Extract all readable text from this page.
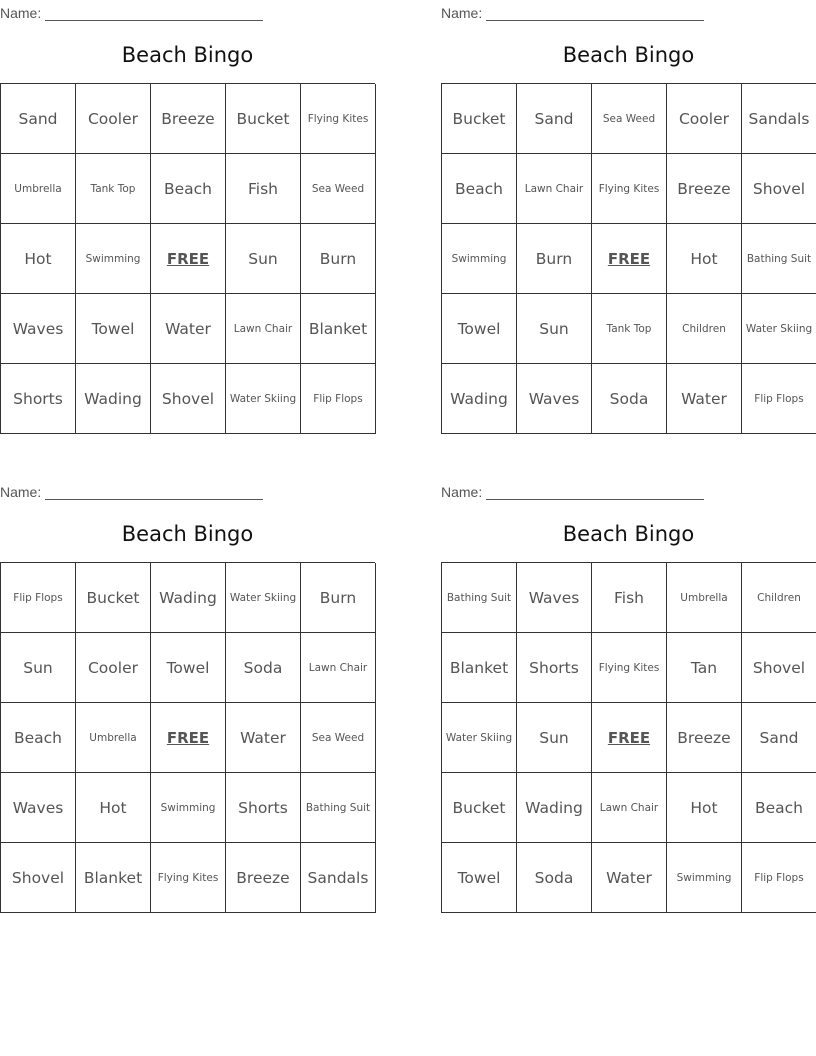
Name:
Beach Bingo
Sand	Cooler	Breeze	Bucket	Flying Kites
Umbrella	Tank Top	Beach	Fish	Sea Weed
Hot	Swimming	FREE	Sun	Burn
Waves	Towel	Water	Lawn Chair	Blanket
Shorts	Wading	Shovel	Water Skiing	Flip Flops
Name:
Beach Bingo
Bucket	Sand	Sea Weed	Cooler	Sandals
Beach	Lawn Chair	Flying Kites	Breeze	Shovel
Swimming	Burn	FREE	Hot	Bathing Suit
Towel	Sun	Tank Top	Children	Water Skiing
Wading	Waves	Soda	Water	Flip Flops
Name:
Beach Bingo
Flip Flops	Bucket	Wading	Water Skiing	Burn
Sun	Cooler	Towel	Soda	Lawn Chair
Beach	Umbrella	FREE	Water	Sea Weed
Waves	Hot	Swimming	Shorts	Bathing Suit
Shovel	Blanket	Flying Kites	Breeze	Sandals
Name:
Beach Bingo
Bathing Suit	Waves	Fish	Umbrella	Children
Blanket	Shorts	Flying Kites	Tan	Shovel
Water Skiing	Sun	FREE	Breeze	Sand
Bucket	Wading	Lawn Chair	Hot	Beach
Towel	Soda	Water	Swimming	Flip Flops
